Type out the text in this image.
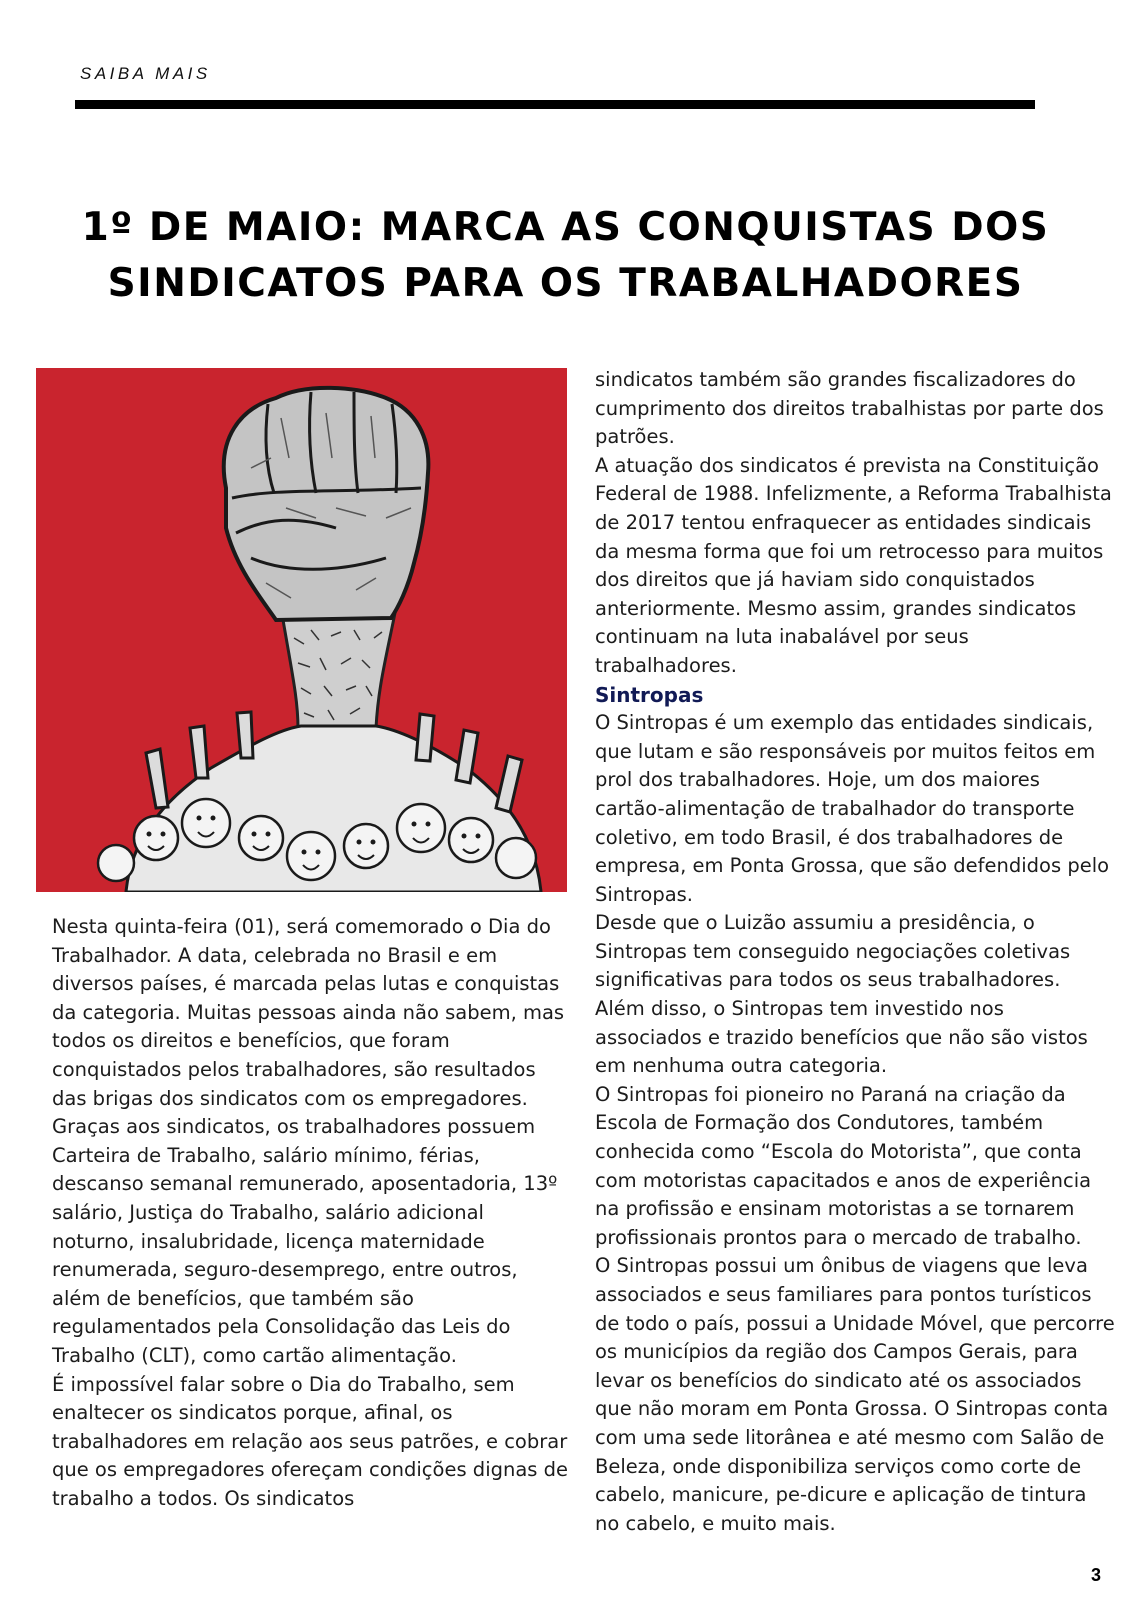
SAIBA MAIS
1º DE MAIO: MARCA AS CONQUISTAS DOS
SINDICATOS PARA OS TRABALHADORES

Nesta quinta-feira (01), será comemorado o Dia do Trabalhador. A data, celebrada no Brasil e em diversos países, é marcada pelas lutas e conquistas da categoria. Muitas pessoas ainda não sabem, mas todos os direitos e benefícios, que foram conquistados pelos trabalhadores, são resultados das brigas dos sindicatos com os empregadores.

Graças aos sindicatos, os trabalhadores possuem Carteira de Trabalho, salário mínimo, férias, descanso semanal remunerado, aposentadoria, 13º salário, Justiça do Trabalho, salário adicional noturno, insalubridade, licença maternidade renumerada, seguro-desemprego, entre outros, além de benefícios, que também são regulamentados pela Consolidação das Leis do Trabalho (CLT), como cartão alimentação.

É impossível falar sobre o Dia do Trabalho, sem enaltecer os sindicatos porque, afinal, os trabalhadores em relação aos seus patrões, e cobrar que os empregadores ofereçam condições dignas de trabalho a todos. Os sindicatos

sindicatos também são grandes fiscalizadores do cumprimento dos direitos trabalhistas por parte dos patrões.

A atuação dos sindicatos é prevista na Constituição Federal de 1988. Infelizmente, a Reforma Trabalhista de 2017 tentou enfraquecer as entidades sindicais da mesma forma que foi um retrocesso para muitos dos direitos que já haviam sido conquistados anteriormente. Mesmo assim, grandes sindicatos continuam na luta inabalável por seus trabalhadores.

Sintropas

O Sintropas é um exemplo das entidades sindicais, que lutam e são responsáveis por muitos feitos em prol dos trabalhadores. Hoje, um dos maiores cartão-alimentação de trabalhador do transporte coletivo, em todo Brasil, é dos trabalhadores de empresa, em Ponta Grossa, que são defendidos pelo Sintropas.

Desde que o Luizão assumiu a presidência, o Sintropas tem conseguido negociações coletivas significativas para todos os seus trabalhadores. Além disso, o Sintropas tem investido nos associados e trazido benefícios que não são vistos em nenhuma outra categoria.

O Sintropas foi pioneiro no Paraná na criação da Escola de Formação dos Condutores, também conhecida como “Escola do Motorista”, que conta com motoristas capacitados e anos de experiência na profissão e ensinam motoristas a se tornarem profissionais prontos para o mercado de trabalho.

O Sintropas possui um ônibus de viagens que leva associados e seus familiares para pontos turísticos de todo o país, possui a Unidade Móvel, que percorre os municípios da região dos Campos Gerais, para levar os benefícios do sindicato até os associados que não moram em Ponta Grossa. O Sintropas conta com uma sede litorânea e até mesmo com Salão de Beleza, onde disponibiliza serviços como corte de cabelo, manicure, pe-dicure e aplicação de tintura no cabelo, e muito mais.

3
